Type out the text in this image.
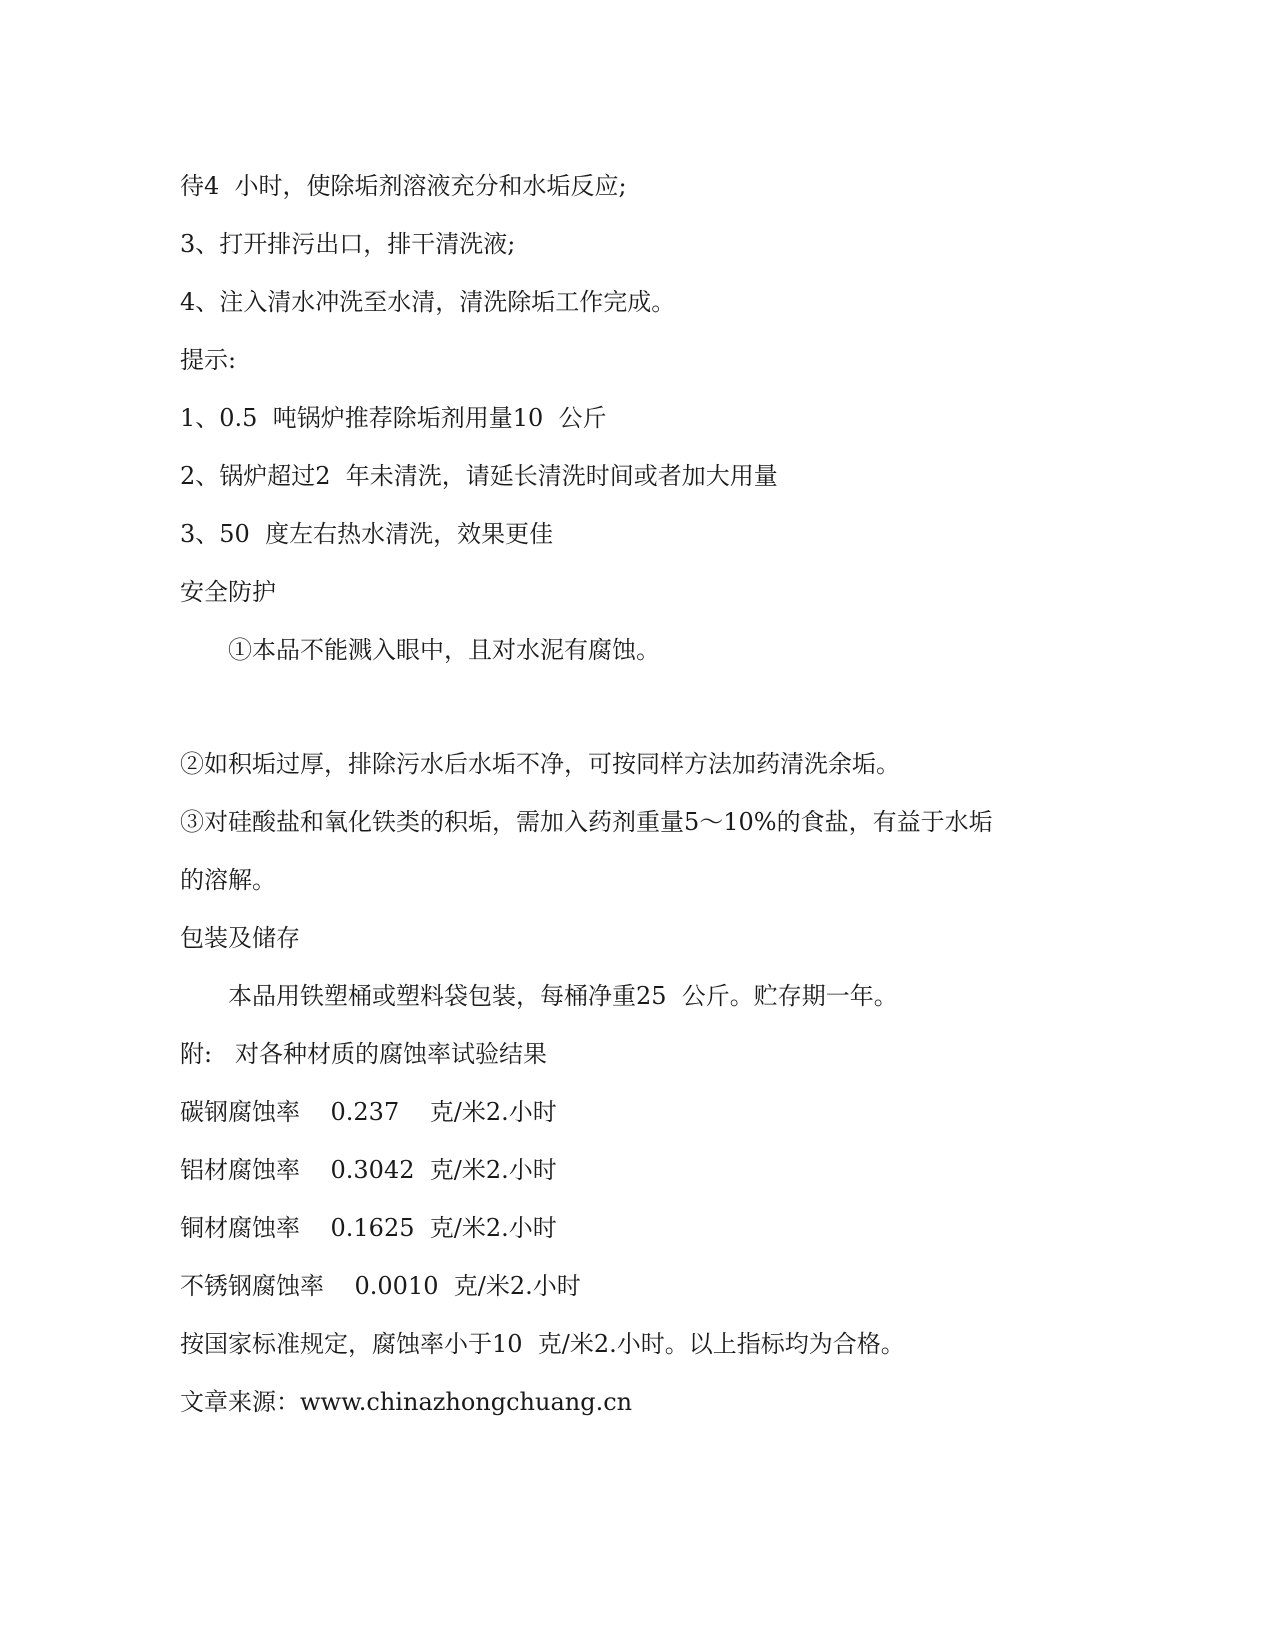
待4  小时，使除垢剂溶液充分和水垢反应;
3、打开排污出口，排干清洗液;
4、注入清水冲洗至水清，清洗除垢工作完成。
提示:
1、0.5  吨锅炉推荐除垢剂用量10  公斤
2、锅炉超过2  年未清洗，请延长清洗时间或者加大用量
3、50  度左右热水清洗，效果更佳
安全防护
①本品不能溅入眼中，且对水泥有腐蚀。
②如积垢过厚，排除污水后水垢不净，可按同样方法加药清洗余垢。
③对硅酸盐和氧化铁类的积垢，需加入药剂重量5～10%的食盐，有益于水垢
的溶解。
包装及储存
本品用铁塑桶或塑料袋包装，每桶净重25  公斤。贮存期一年。
附:   对各种材质的腐蚀率试验结果
碳钢腐蚀率    0.237    克/米2.小时
铝材腐蚀率    0.3042  克/米2.小时
铜材腐蚀率    0.1625  克/米2.小时
不锈钢腐蚀率    0.0010  克/米2.小时
按国家标准规定，腐蚀率小于10  克/米2.小时。以上指标均为合格。
文章来源：www.chinazhongchuang.cn
